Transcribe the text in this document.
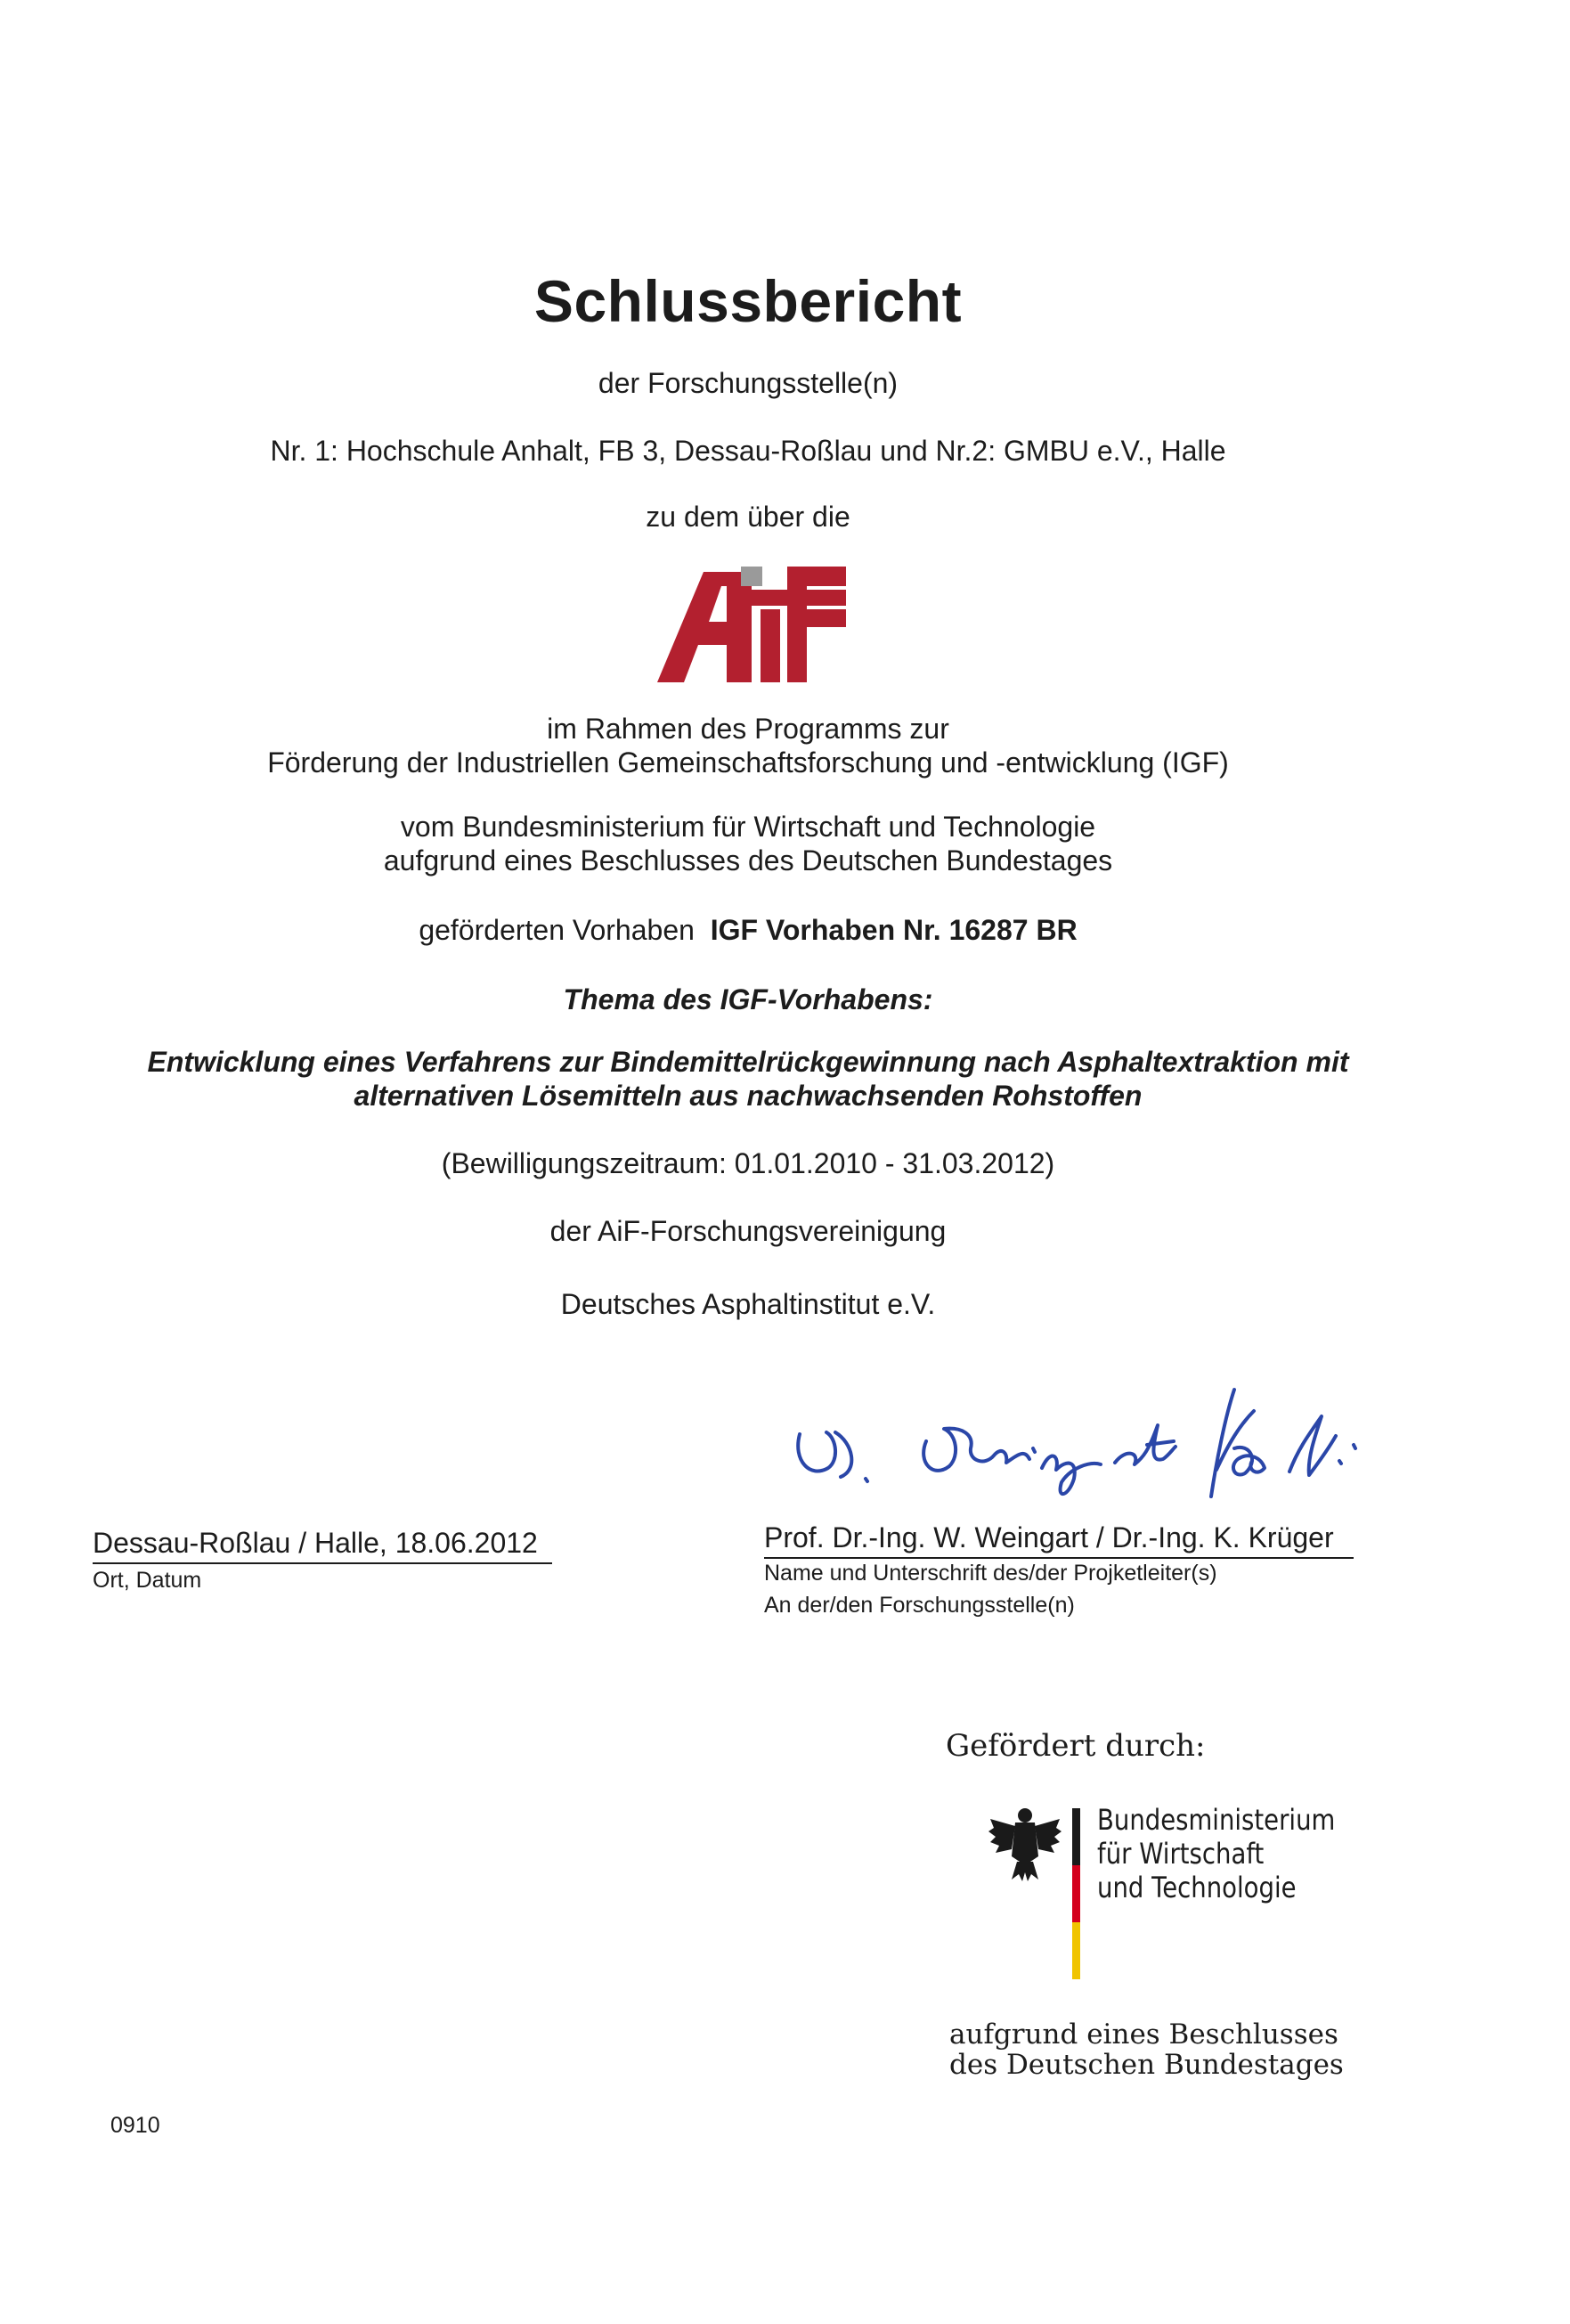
Schlussbericht
der Forschungsstelle(n)
Nr. 1: Hochschule Anhalt, FB 3, Dessau-Roßlau und Nr.2: GMBU e.V., Halle
zu dem über die
im Rahmen des Programms zur
Förderung der Industriellen Gemeinschaftsforschung und -entwicklung (IGF)
vom Bundesministerium für Wirtschaft und Technologie
aufgrund eines Beschlusses des Deutschen Bundestages
geförderten Vorhaben IGF Vorhaben Nr. 16287 BR
Thema des IGF-Vorhabens:
Entwicklung eines Verfahrens zur Bindemittelrückgewinnung nach Asphaltextraktion mit
alternativen Lösemitteln aus nachwachsenden Rohstoffen
(Bewilligungszeitraum: 01.01.2010 - 31.03.2012)
der AiF-Forschungsvereinigung
Deutsches Asphaltinstitut e.V.
Dessau-Roßlau / Halle, 18.06.2012
Ort, Datum
Prof. Dr.-Ing. W. Weingart / Dr.-Ing. K. Krüger
Name und Unterschrift des/der Projketleiter(s)
An der/den Forschungsstelle(n)
Gefördert durch:
Bundesministerium
für Wirtschaft
und Technologie
aufgrund eines Beschlusses
des Deutschen Bundestages
0910
